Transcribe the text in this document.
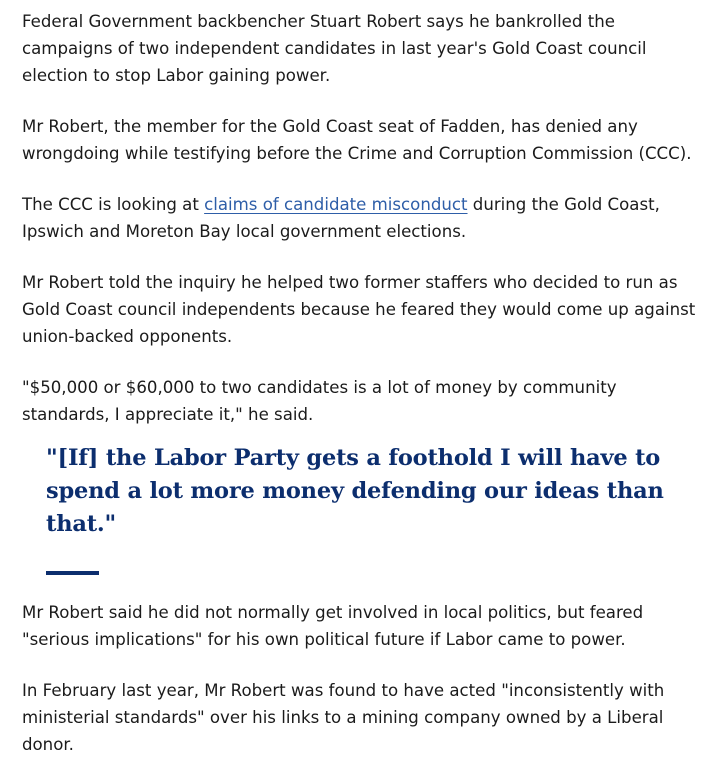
Federal Government backbencher Stuart Robert says he bankrolled the campaigns of two independent candidates in last year's Gold Coast council election to stop Labor gaining power.

Mr Robert, the member for the Gold Coast seat of Fadden, has denied any wrongdoing while testifying before the Crime and Corruption Commission (CCC).

The CCC is looking at claims of candidate misconduct during the Gold Coast, Ipswich and Moreton Bay local government elections.

Mr Robert told the inquiry he helped two former staffers who decided to run as Gold Coast council independents because he feared they would come up against union-backed opponents.

"$50,000 or $60,000 to two candidates is a lot of money by community standards, I appreciate it," he said.

"[If] the Labor Party gets a foothold I will have to spend a lot more money defending our ideas than that."

Mr Robert said he did not normally get involved in local politics, but feared "serious implications" for his own political future if Labor came to power.

In February last year, Mr Robert was found to have acted "inconsistently with ministerial standards" over his links to a mining company owned by a Liberal donor.
